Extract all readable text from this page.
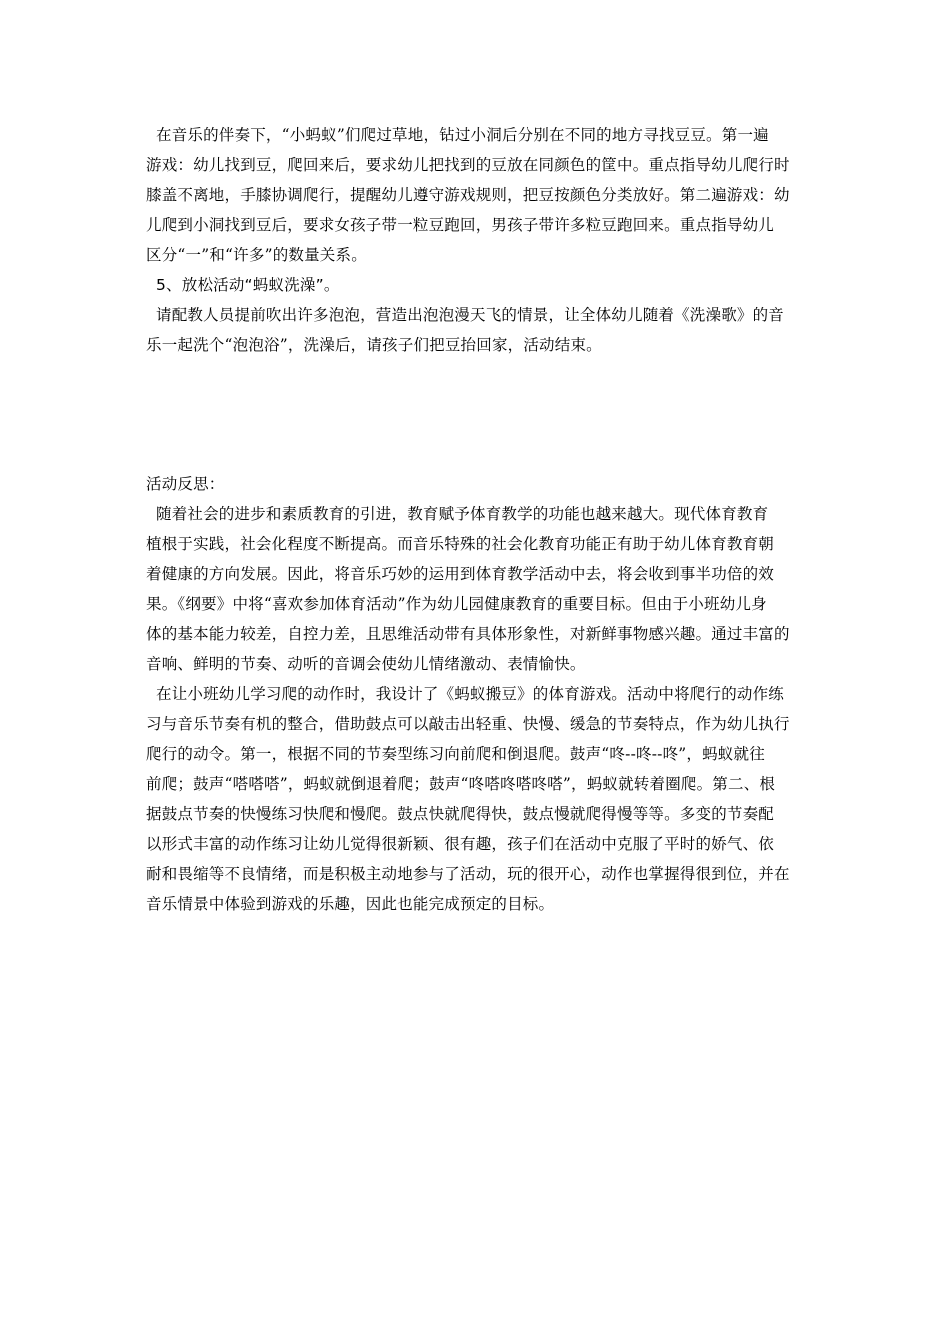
在音乐的伴奏下，“小蚂蚁”们爬过草地，钻过小洞后分别在不同的地方寻找豆豆。第一遍
游戏：幼儿找到豆，爬回来后，要求幼儿把找到的豆放在同颜色的筐中。重点指导幼儿爬行时
膝盖不离地，手膝协调爬行，提醒幼儿遵守游戏规则，把豆按颜色分类放好。第二遍游戏：幼
儿爬到小洞找到豆后，要求女孩子带一粒豆跑回，男孩子带许多粒豆跑回来。重点指导幼儿
区分“一”和“许多”的数量关系。
5、放松活动“蚂蚁洗澡”。
请配教人员提前吹出许多泡泡，营造出泡泡漫天飞的情景，让全体幼儿随着《洗澡歌》的音
乐一起洗个“泡泡浴”，洗澡后，请孩子们把豆抬回家，活动结束。
活动反思：
随着社会的进步和素质教育的引进，教育赋予体育教学的功能也越来越大。现代体育教育
植根于实践，社会化程度不断提高。而音乐特殊的社会化教育功能正有助于幼儿体育教育朝
着健康的方向发展。因此，将音乐巧妙的运用到体育教学活动中去，将会收到事半功倍的效
果。《纲要》中将“喜欢参加体育活动”作为幼儿园健康教育的重要目标。但由于小班幼儿身
体的基本能力较差，自控力差，且思维活动带有具体形象性，对新鲜事物感兴趣。通过丰富的
音响、鲜明的节奏、动听的音调会使幼儿情绪激动、表情愉快。
在让小班幼儿学习爬的动作时，我设计了《蚂蚁搬豆》的体育游戏。活动中将爬行的动作练
习与音乐节奏有机的整合，借助鼓点可以敲击出轻重、快慢、缓急的节奏特点，作为幼儿执行
爬行的动令。第一，根据不同的节奏型练习向前爬和倒退爬。鼓声“咚--咚--咚”，蚂蚁就往
前爬；鼓声“嗒嗒嗒”，蚂蚁就倒退着爬；鼓声“咚嗒咚嗒咚嗒”，蚂蚁就转着圈爬。第二、根
据鼓点节奏的快慢练习快爬和慢爬。鼓点快就爬得快，鼓点慢就爬得慢等等。多变的节奏配
以形式丰富的动作练习让幼儿觉得很新颖、很有趣，孩子们在活动中克服了平时的娇气、依
耐和畏缩等不良情绪，而是积极主动地参与了活动，玩的很开心，动作也掌握得很到位，并在
音乐情景中体验到游戏的乐趣，因此也能完成预定的目标。
